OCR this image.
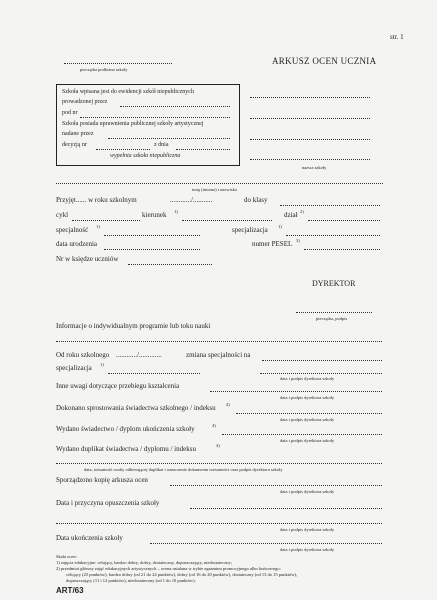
str. 1
pieczątka podłużna szkoły
ARKUSZ OCEN UCZNIA
Szkoła wpisana jest do ewidencji szkół niepublicznych
prowadzonej przez
pod nr
Szkoła posiada uprawnienia publicznej szkoły artystycznej
nadane przez
decyzją nr	z dnia
wypełnia szkoła niepubliczna
nazwa szkoły
imię (imiona) i nazwisko
Przyjęt...... w roku szkolnym	............/...........	do klasy
cykl	kierunek 1)	dział 2)
specjalność 1)	specjalizacja 1)
data urodzenia	numer PESEL 3)
Nr w księdze uczniów
DYREKTOR
pieczątka, podpis
Informacje o indywidualnym programie lub toku nauki
Od roku szkolnego ............/.............	zmiana specjalności na
specjalizacja 1)
data i podpis dyrektora szkoły
Inne uwagi dotyczące przebiegu kształcenia
data i podpis dyrektora szkoły
Dokonano sprostowania świadectwa szkolnego / indeksu 4)
data i podpis dyrektora szkoły
Wydano świadectwo / dyplom ukończenia szkoły	4)
data i podpis dyrektora szkoły
Wydano duplikat świadectwa / dyplomu / indeksu	4)
data, tożsamość osoby odbierającej duplikat i oznaczenie dokumentu tożsamości oraz podpis dyrektora szkoły
Sporządzono kopię arkusza ocen
data i podpis dyrektora szkoły
Data i przyczyna opuszczenia szkoły
data i podpis dyrektora szkoły
Data ukończenia szkoły
data i podpis dyrektora szkoły
Skala ocen:
1) zajęcia edukacyjne: celujący, bardzo dobry, dobry, dostateczny, dopuszczający, niedostateczny;
2) przedmiot główny zajęć edukacyjnych artystycznych – ocena ustalana w trybie egzaminu promocyjnego albo końcowego:
celujący (25 punktów), bardzo dobry (od 21 do 24 punktów), dobry (od 16 do 20 punktów), dostateczny (od 13 do 15 punktów),
dopuszczający (11 i 12 punktów), niedostateczny (od 1 do 10 punktów).
ART/63
